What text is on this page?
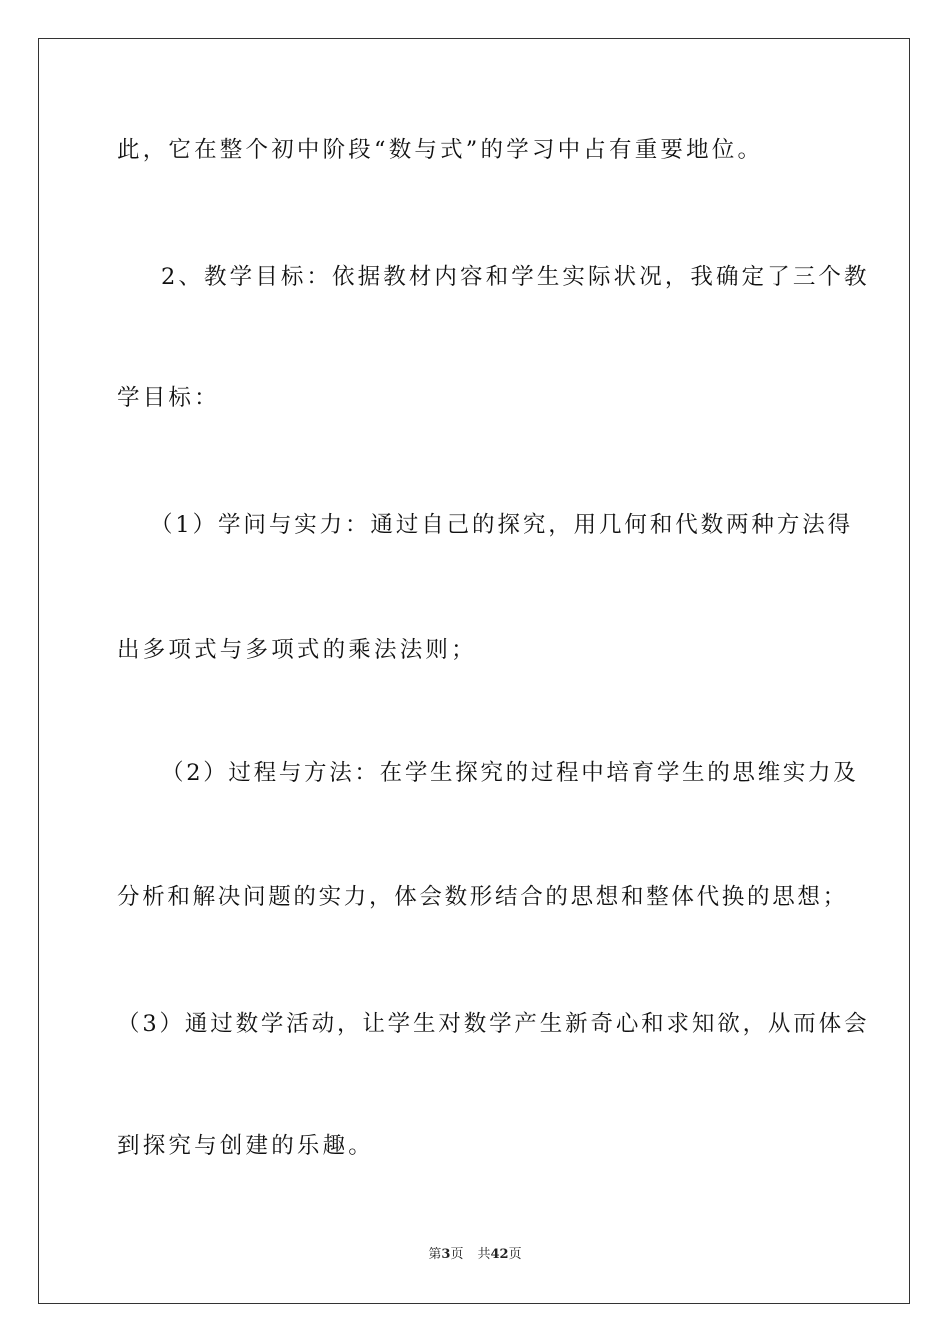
此，它在整个初中阶段“数与式”的学习中占有重要地位。
2、教学目标：依据教材内容和学生实际状况，我确定了三个教
学目标：
（1）学问与实力：通过自己的探究，用几何和代数两种方法得
出多项式与多项式的乘法法则；
（2）过程与方法：在学生探究的过程中培育学生的思维实力及
分析和解决问题的实力，体会数形结合的思想和整体代换的思想；
（3）通过数学活动，让学生对数学产生新奇心和求知欲，从而体会
到探究与创建的乐趣。
第3页 共42页
